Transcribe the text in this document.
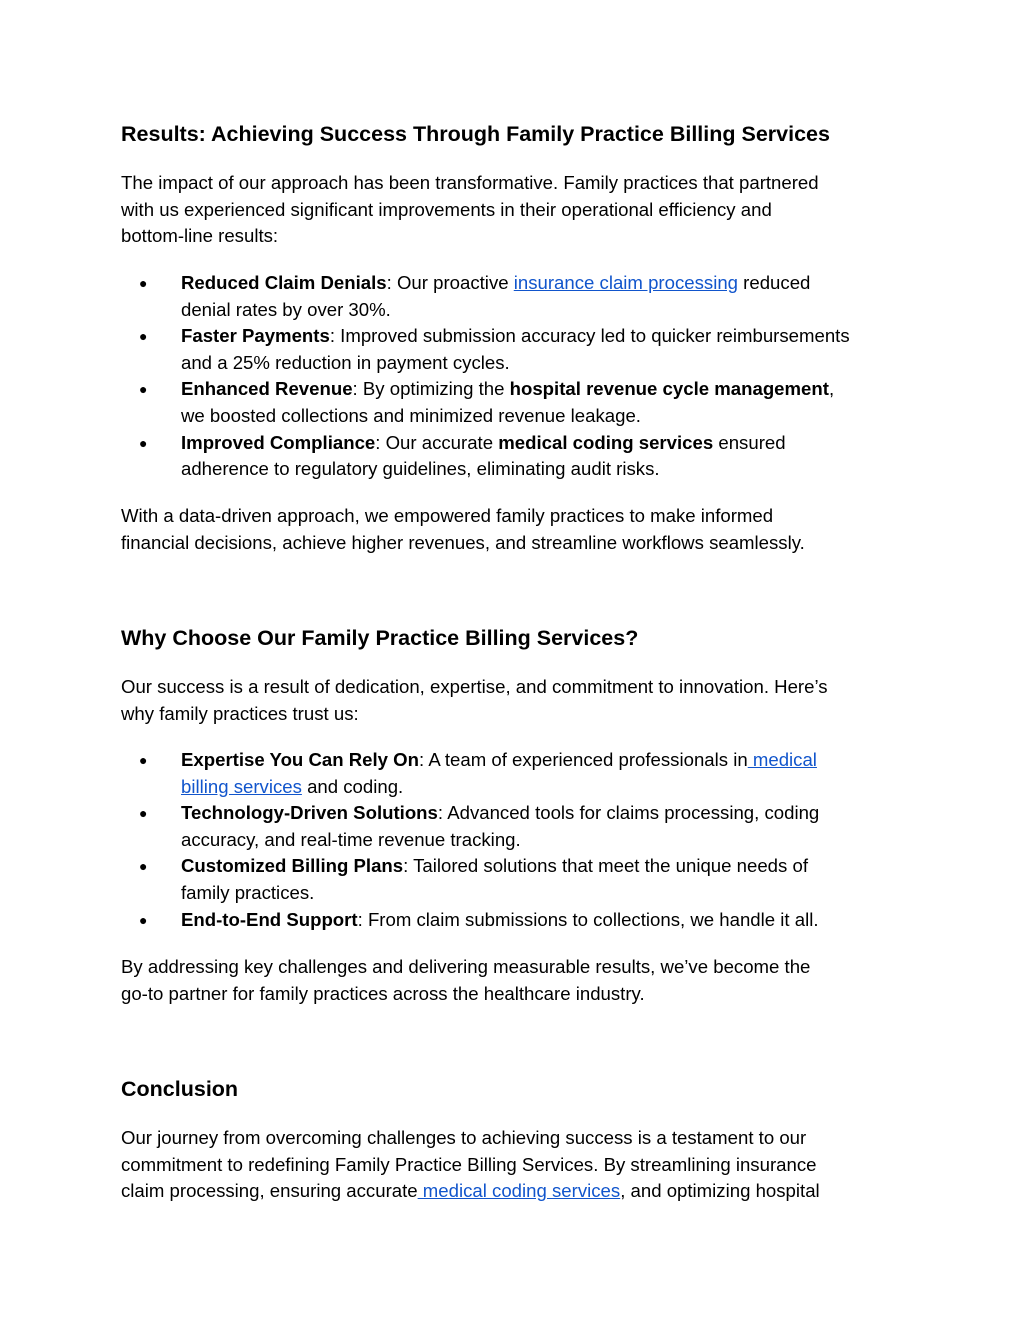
Results: Achieving Success Through Family Practice Billing Services

The impact of our approach has been transformative. Family practices that partnered
with us experienced significant improvements in their operational efficiency and
bottom-line results:

● Reduced Claim Denials: Our proactive insurance claim processing reduced
denial rates by over 30%.
● Faster Payments: Improved submission accuracy led to quicker reimbursements
and a 25% reduction in payment cycles.
● Enhanced Revenue: By optimizing the hospital revenue cycle management,
we boosted collections and minimized revenue leakage.
● Improved Compliance: Our accurate medical coding services ensured
adherence to regulatory guidelines, eliminating audit risks.

With a data-driven approach, we empowered family practices to make informed
financial decisions, achieve higher revenues, and streamline workflows seamlessly.

Why Choose Our Family Practice Billing Services?

Our success is a result of dedication, expertise, and commitment to innovation. Here’s
why family practices trust us:

● Expertise You Can Rely On: A team of experienced professionals in medical
billing services and coding.
● Technology-Driven Solutions: Advanced tools for claims processing, coding
accuracy, and real-time revenue tracking.
● Customized Billing Plans: Tailored solutions that meet the unique needs of
family practices.
● End-to-End Support: From claim submissions to collections, we handle it all.

By addressing key challenges and delivering measurable results, we’ve become the
go-to partner for family practices across the healthcare industry.

Conclusion

Our journey from overcoming challenges to achieving success is a testament to our
commitment to redefining Family Practice Billing Services. By streamlining insurance
claim processing, ensuring accurate medical coding services, and optimizing hospital
